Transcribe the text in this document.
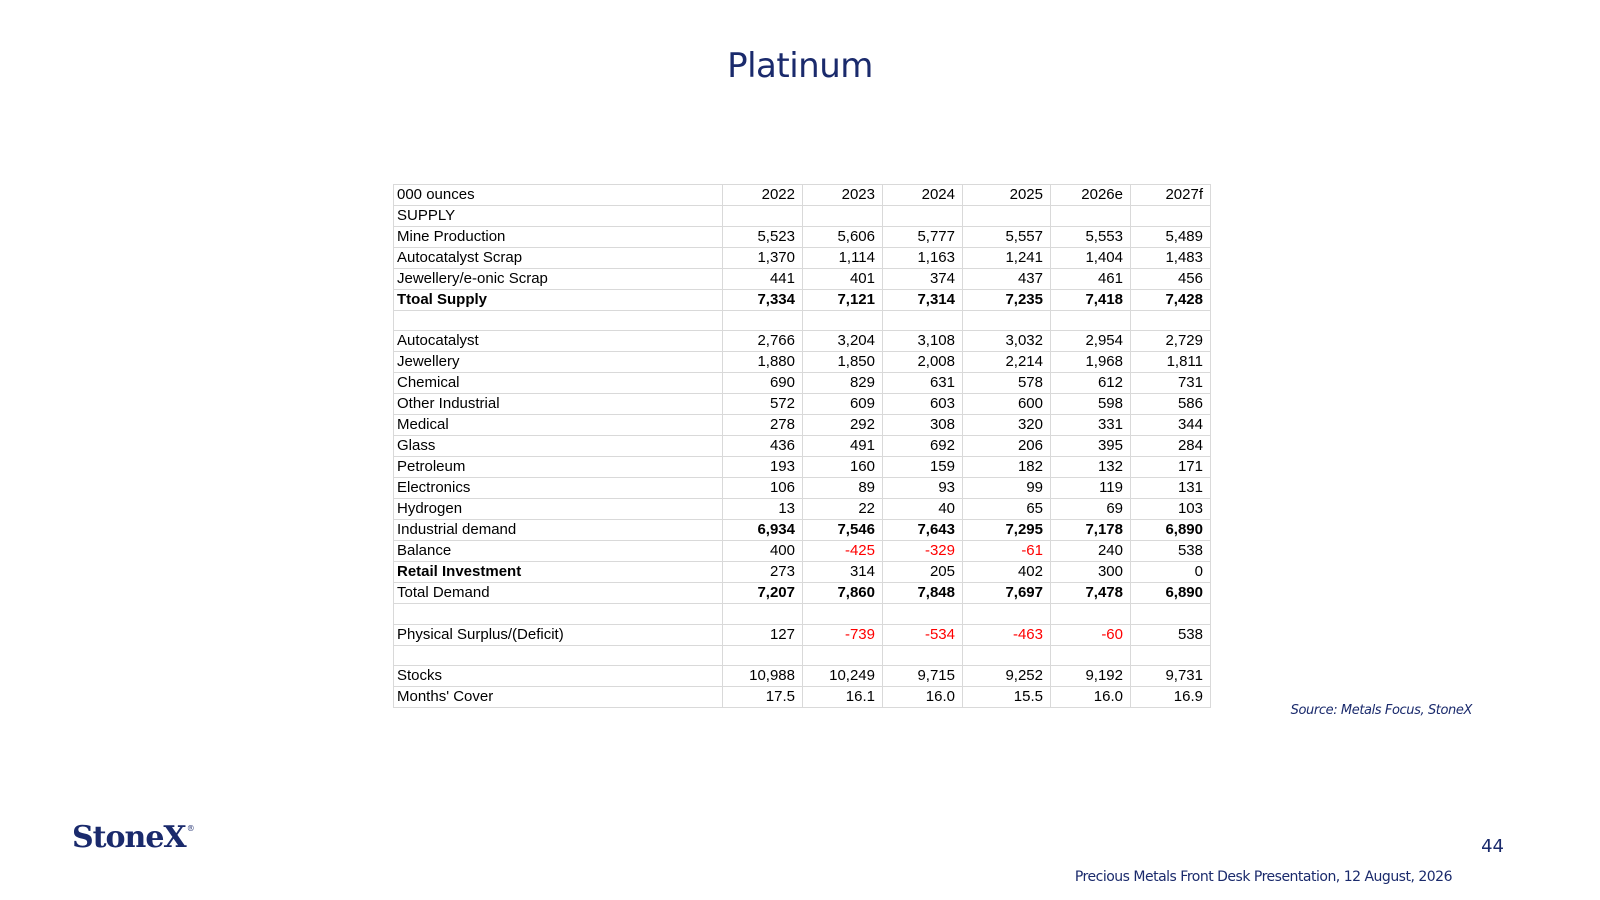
Platinum
000 ounces	2022	2023	2024	2025	2026e	2027f
SUPPLY						
Mine Production	5,523	5,606	5,777	5,557	5,553	5,489
Autocatalyst Scrap	1,370	1,114	1,163	1,241	1,404	1,483
Jewellery/e-onic Scrap	441	401	374	437	461	456
Ttoal Supply	7,334	7,121	7,314	7,235	7,418	7,428

Autocatalyst	2,766	3,204	3,108	3,032	2,954	2,729
Jewellery	1,880	1,850	2,008	2,214	1,968	1,811
Chemical	690	829	631	578	612	731
Other Industrial	572	609	603	600	598	586
Medical	278	292	308	320	331	344
Glass	436	491	692	206	395	284
Petroleum	193	160	159	182	132	171
Electronics	106	89	93	99	119	131
Hydrogen	13	22	40	65	69	103
Industrial demand	6,934	7,546	7,643	7,295	7,178	6,890
Balance	400	-425	-329	-61	240	538
Retail Investment	273	314	205	402	300	0
Total Demand	7,207	7,860	7,848	7,697	7,478	6,890

Physical Surplus/(Deficit)	127	-739	-534	-463	-60	538

Stocks	10,988	10,249	9,715	9,252	9,192	9,731
Months' Cover	17.5	16.1	16.0	15.5	16.0	16.9
Source: Metals Focus, StoneX
StoneX®
44
Precious Metals Front Desk Presentation, 12 August, 2026
